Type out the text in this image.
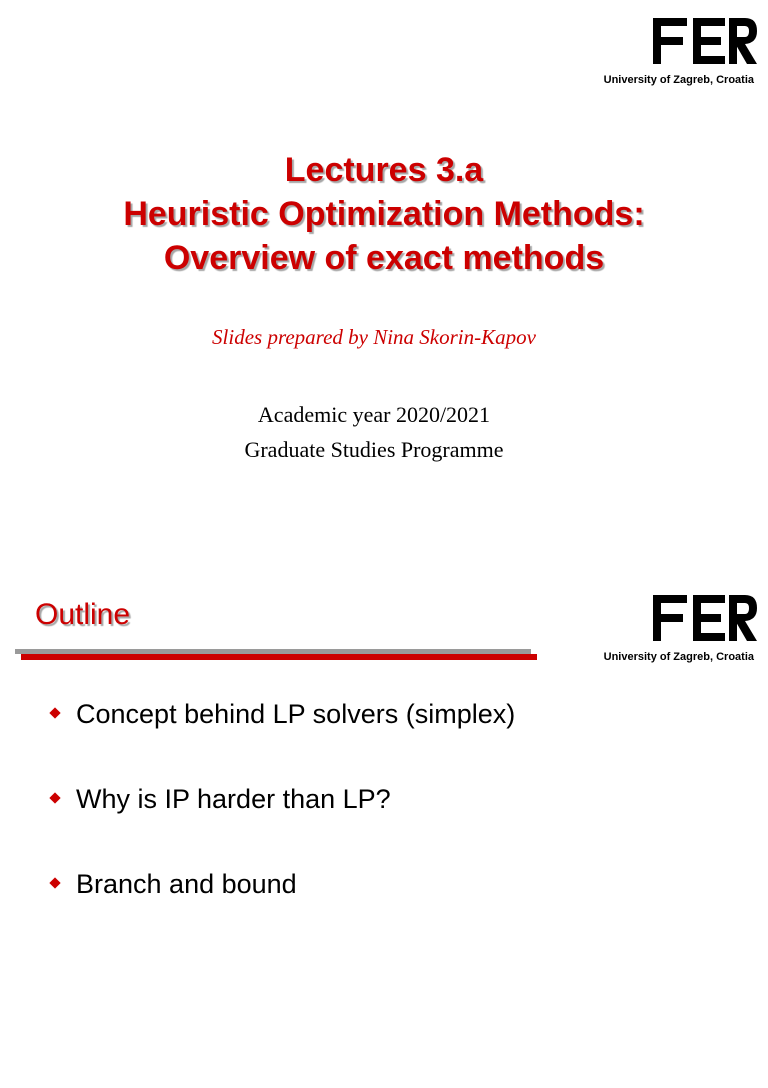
University of Zagreb, Croatia
Lectures 3.a
Heuristic Optimization Methods:
Overview of exact methods
Slides prepared by Nina Skorin-Kapov
Academic year 2020/2021
Graduate Studies Programme
Outline
University of Zagreb, Croatia
Concept behind LP solvers (simplex)
Why is IP harder than LP?
Branch and bound
